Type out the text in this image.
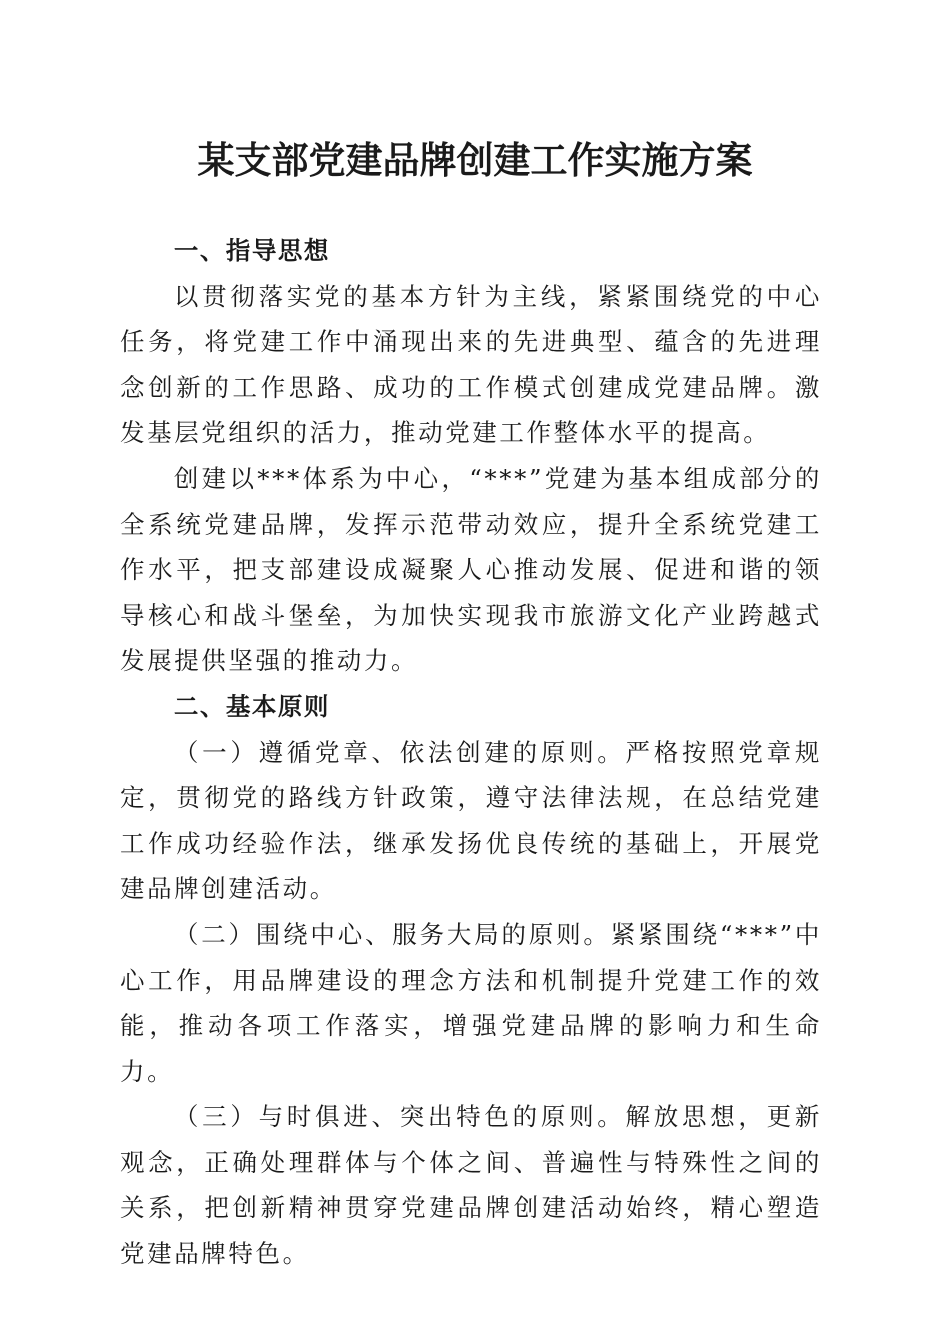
某支部党建品牌创建工作实施方案

一、指导思想

以贯彻落实党的基本方针为主线，紧紧围绕党的中心任务，将党建工作中涌现出来的先进典型、蕴含的先进理念创新的工作思路、成功的工作模式创建成党建品牌。激发基层党组织的活力，推动党建工作整体水平的提高。

创建以***体系为中心，“***”党建为基本组成部分的全系统党建品牌，发挥示范带动效应，提升全系统党建工作水平，把支部建设成凝聚人心推动发展、促进和谐的领导核心和战斗堡垒，为加快实现我市旅游文化产业跨越式发展提供坚强的推动力。

二、基本原则

（一）遵循党章、依法创建的原则。严格按照党章规定，贯彻党的路线方针政策，遵守法律法规，在总结党建工作成功经验作法，继承发扬优良传统的基础上，开展党建品牌创建活动。

（二）围绕中心、服务大局的原则。紧紧围绕“***”中心工作，用品牌建设的理念方法和机制提升党建工作的效能，推动各项工作落实，增强党建品牌的影响力和生命力。

（三）与时俱进、突出特色的原则。解放思想，更新观念，正确处理群体与个体之间、普遍性与特殊性之间的关系，把创新精神贯穿党建品牌创建活动始终，精心塑造党建品牌特色。
